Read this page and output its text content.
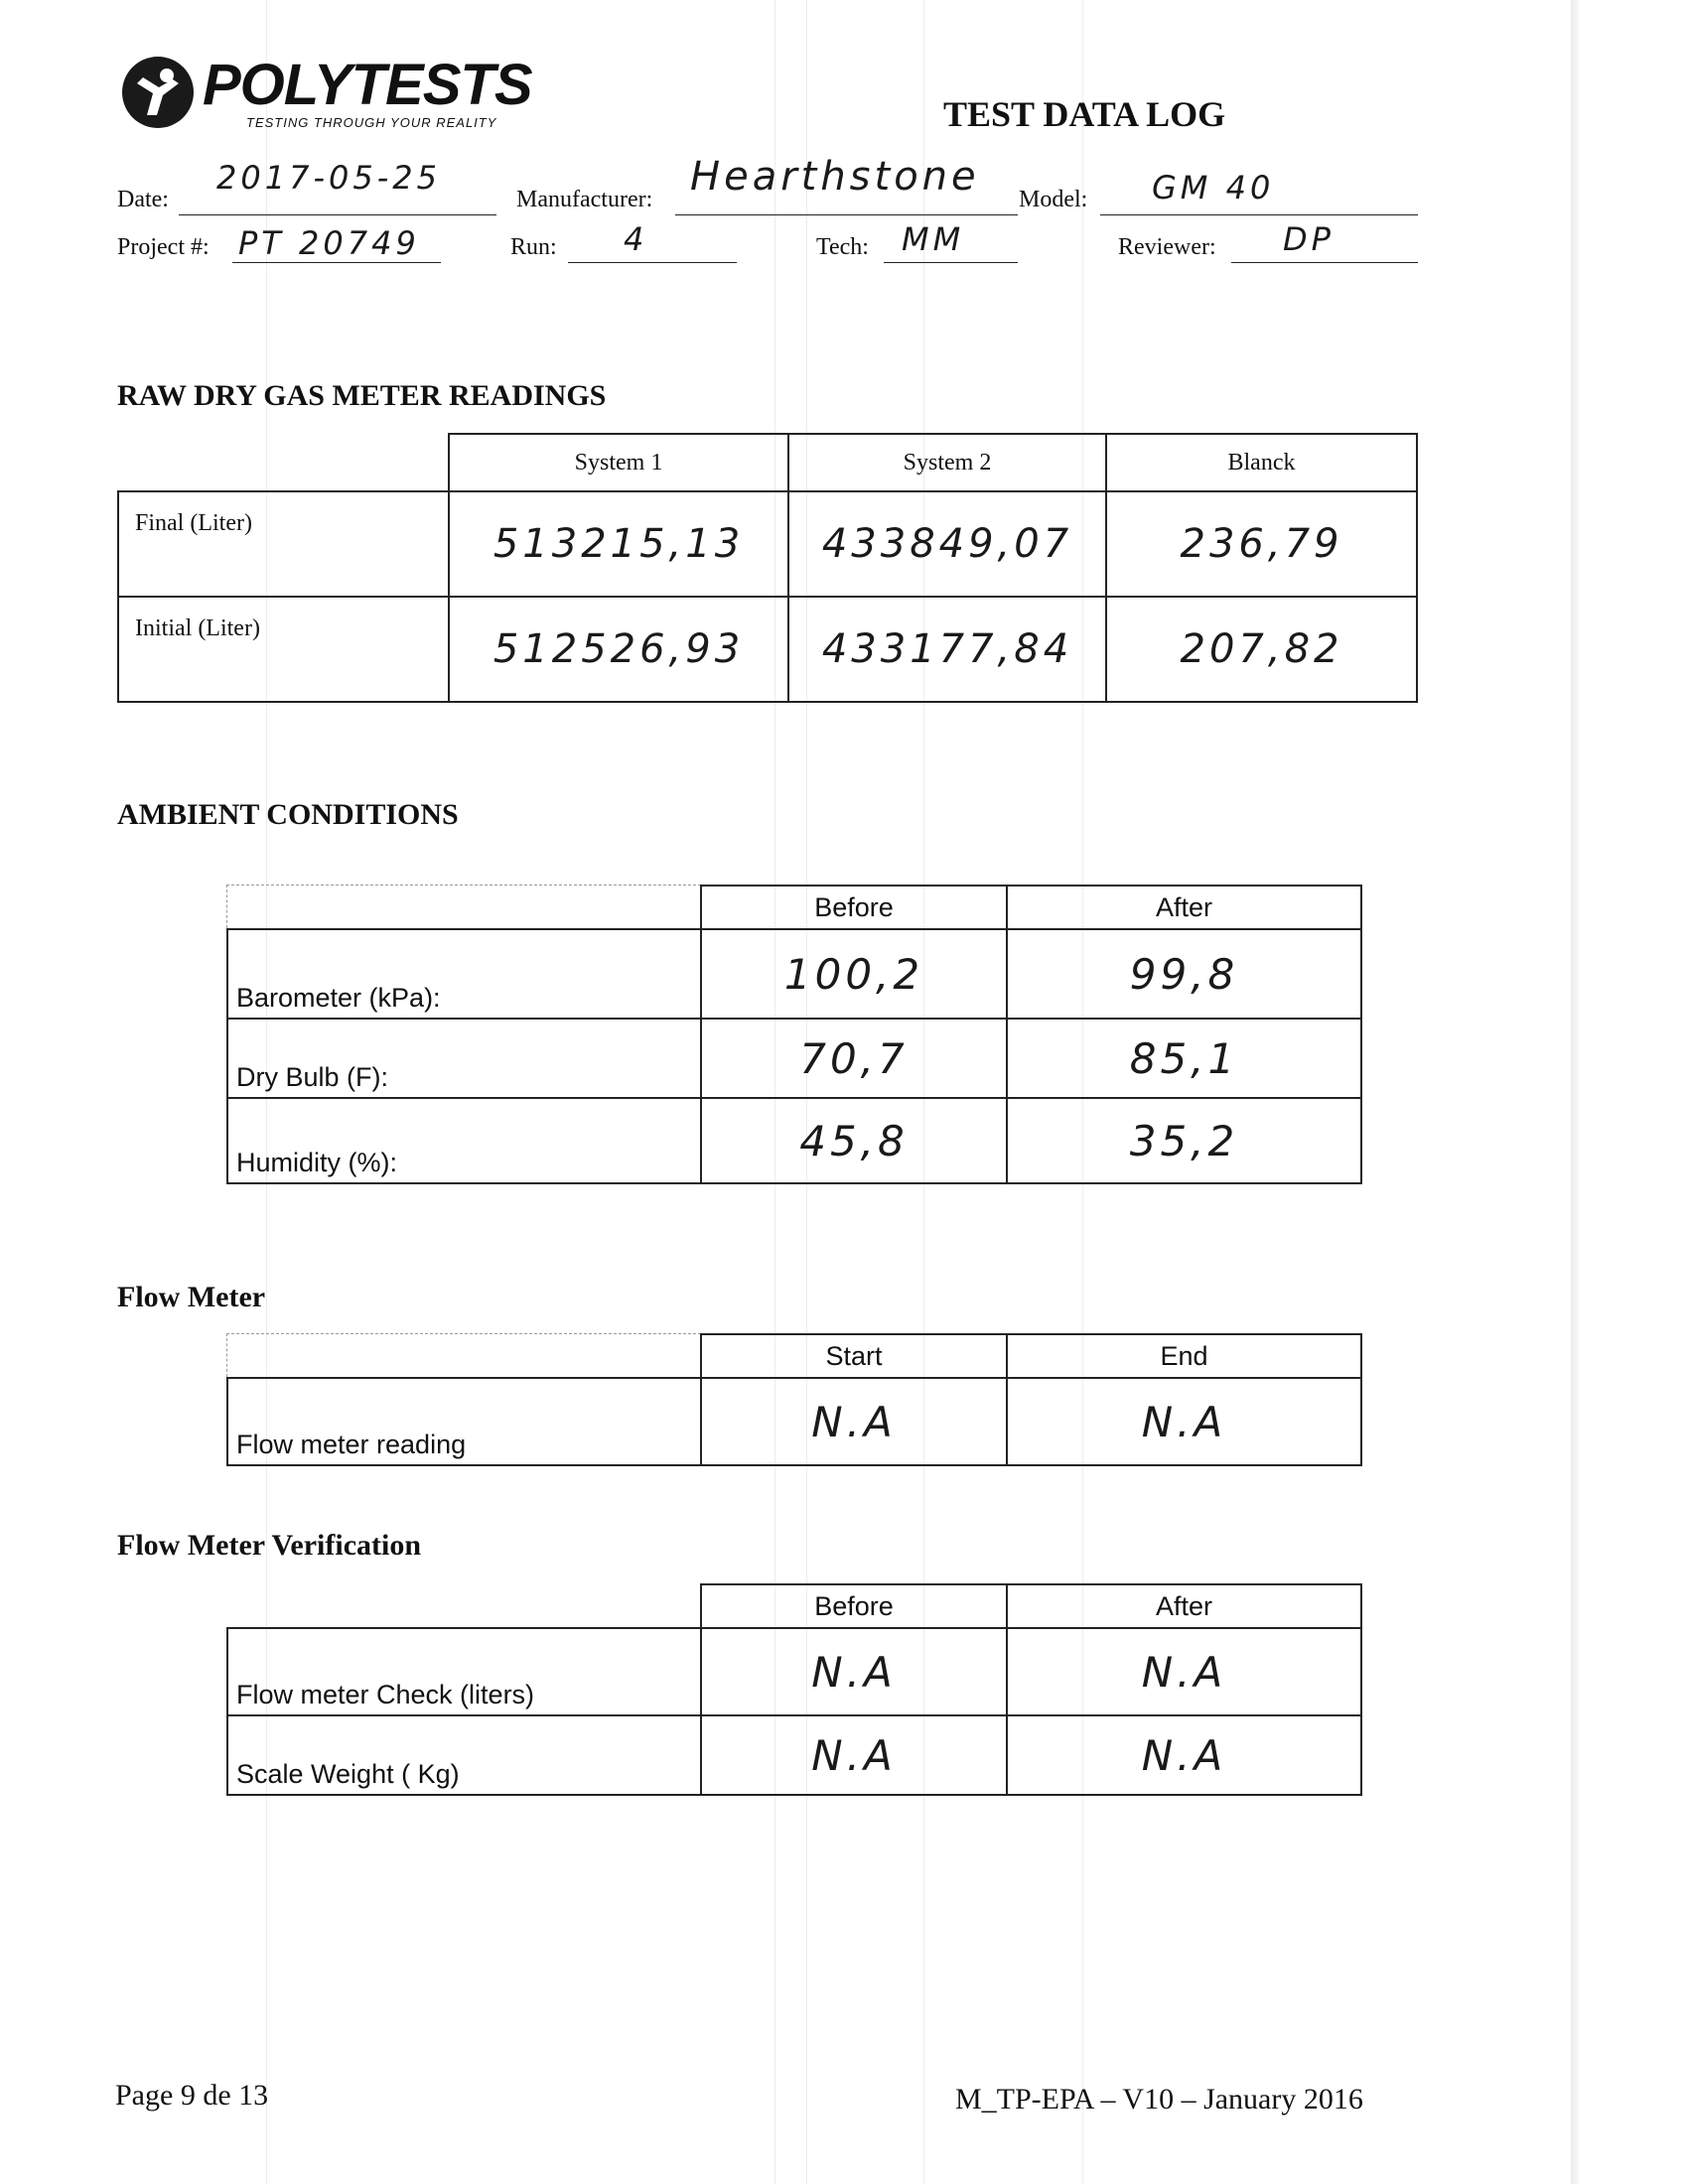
POLYTESTS
TESTING THROUGH YOUR REALITY	TEST DATA LOG
Date:
2017-05-25
Manufacturer: Hearthstone Model: GM 40
Project #: PT 20749	Run: 4	Tech: MM	Reviewer: DP
RAW DRY GAS METER READINGS
	System 1	System 2	Blanck
Final (Liter)	513215,13	433849,07	236,79
Initial (Liter)	512526,93	433177,84	207,82
AMBIENT CONDITIONS
	Before	After
Barometer (kPa):	100,2	99,8
Dry Bulb (F):	70,7	85,1
Humidity (%):	45,8	35,2
Flow Meter
	Start	End
Flow meter reading	N.A	N.A
Flow Meter Verification
	Before	After
Flow meter Check (liters)	N.A	N.A
Scale Weight ( Kg)	N.A	N.A
Page 9 de 13	M_TP-EPA – V10 – January 2016
